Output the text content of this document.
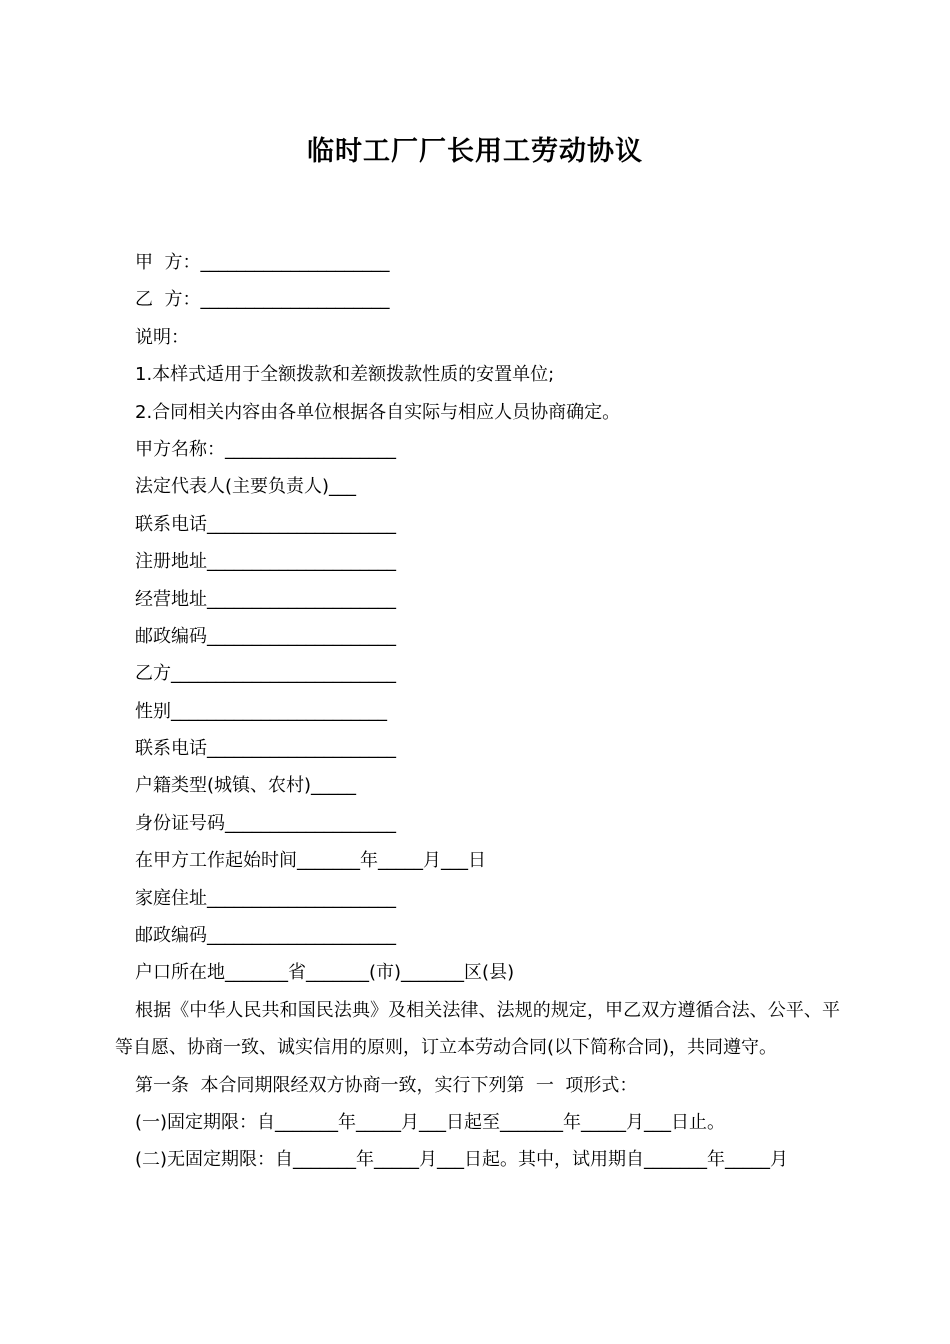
临时工厂厂长用工劳动协议
甲  方：_____________________
乙  方：_____________________
说明：
1.本样式适用于全额拨款和差额拨款性质的安置单位;
2.合同相关内容由各单位根据各自实际与相应人员协商确定。
甲方名称：___________________
法定代表人(主要负责人)___
联系电话_____________________
注册地址_____________________
经营地址_____________________
邮政编码_____________________
乙方_________________________
性别________________________
联系电话_____________________
户籍类型(城镇、农村)_____
身份证号码___________________
在甲方工作起始时间_______年_____月___日
家庭住址_____________________
邮政编码_____________________
户口所在地_______省_______(市)_______区(县)
根据《中华人民共和国民法典》及相关法律、法规的规定，甲乙双方遵循合法、公平、平等自愿、协商一致、诚实信用的原则，订立本劳动合同(以下简称合同)，共同遵守。
第一条  本合同期限经双方协商一致，实行下列第  一  项形式：
(一)固定期限：自_______年_____月___日起至_______年_____月___日止。
(二)无固定期限：自_______年_____月___日起。其中，试用期自_______年_____月
